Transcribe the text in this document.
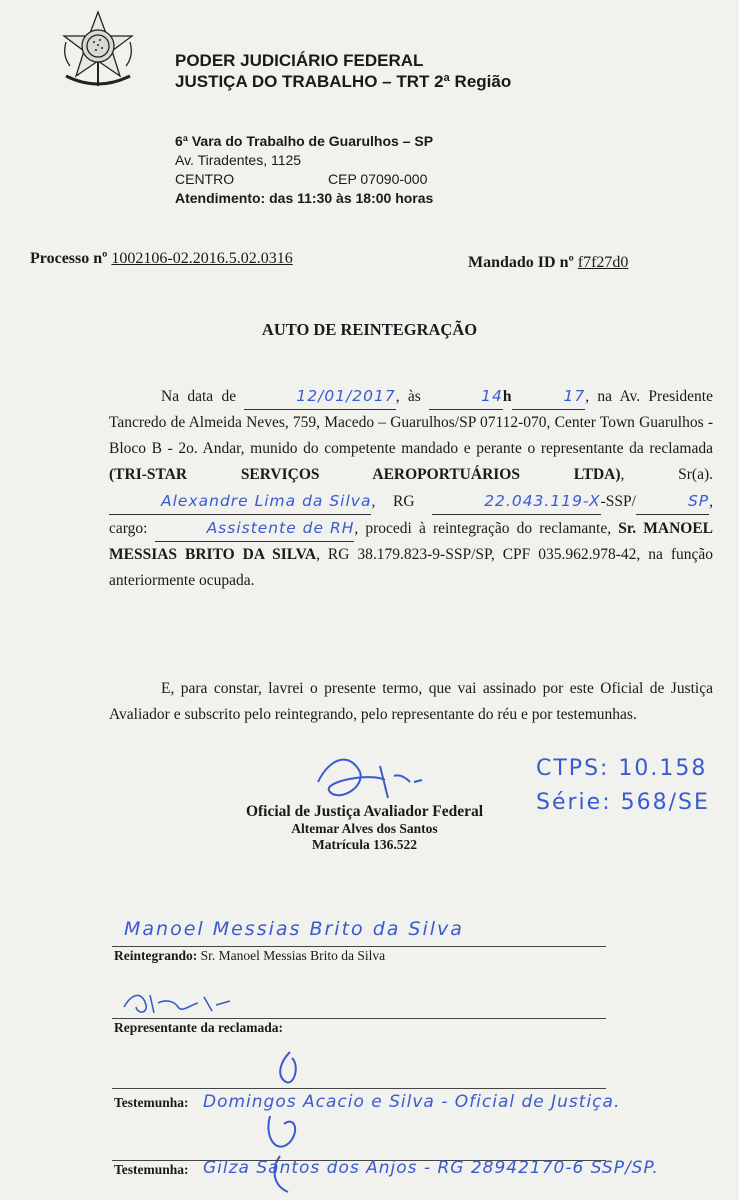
PODER JUDICIÁRIO FEDERAL
JUSTIÇA DO TRABALHO – TRT 2ª Região
6ª Vara do Trabalho de Guarulhos – SP
Av. Tiradentes, 1125
CENTRO	CEP 07090-000
Atendimento: das 11:30 às 18:00 horas
Processo nº 1002106-02.2016.5.02.0316	Mandado ID nº f7f27d0
AUTO DE REINTEGRAÇÃO
Na data de	12/01/2017, às	14h	17, na Av. Presidente Tancredo de Almeida Neves, 759, Macedo – Guarulhos/SP 07112-070, Center Town Guarulhos - Bloco B - 2o. Andar, munido do competente mandado e perante o representante da reclamada (TRI-STAR SERVIÇOS AEROPORTUÁRIOS LTDA), Sr(a). Alexandre Lima da Silva, RG	22.043.119-X-SSP/	SP, cargo:	Assistente de RH, procedi à reintegração do reclamante, Sr. MANOEL MESSIAS BRITO DA SILVA, RG 38.179.823-9-SSP/SP, CPF 035.962.978-42, na função anteriormente ocupada.
E, para constar, lavrei o presente termo, que vai assinado por este Oficial de Justiça Avaliador e subscrito pelo reintegrando, pelo representante do réu e por testemunhas.
CTPS: 10.158
Série: 568/SE
Oficial de Justiça Avaliador Federal
Altemar Alves dos Santos
Matrícula 136.522
Manoel Messias Brito da Silva
Reintegrando: Sr. Manoel Messias Brito da Silva
Representante da reclamada:
Testemunha: Domingos Acacio e Silva - Oficial de Justiça.
Testemunha: Gilza Santos dos Anjos - RG 28942170-6 SSP/SP.
